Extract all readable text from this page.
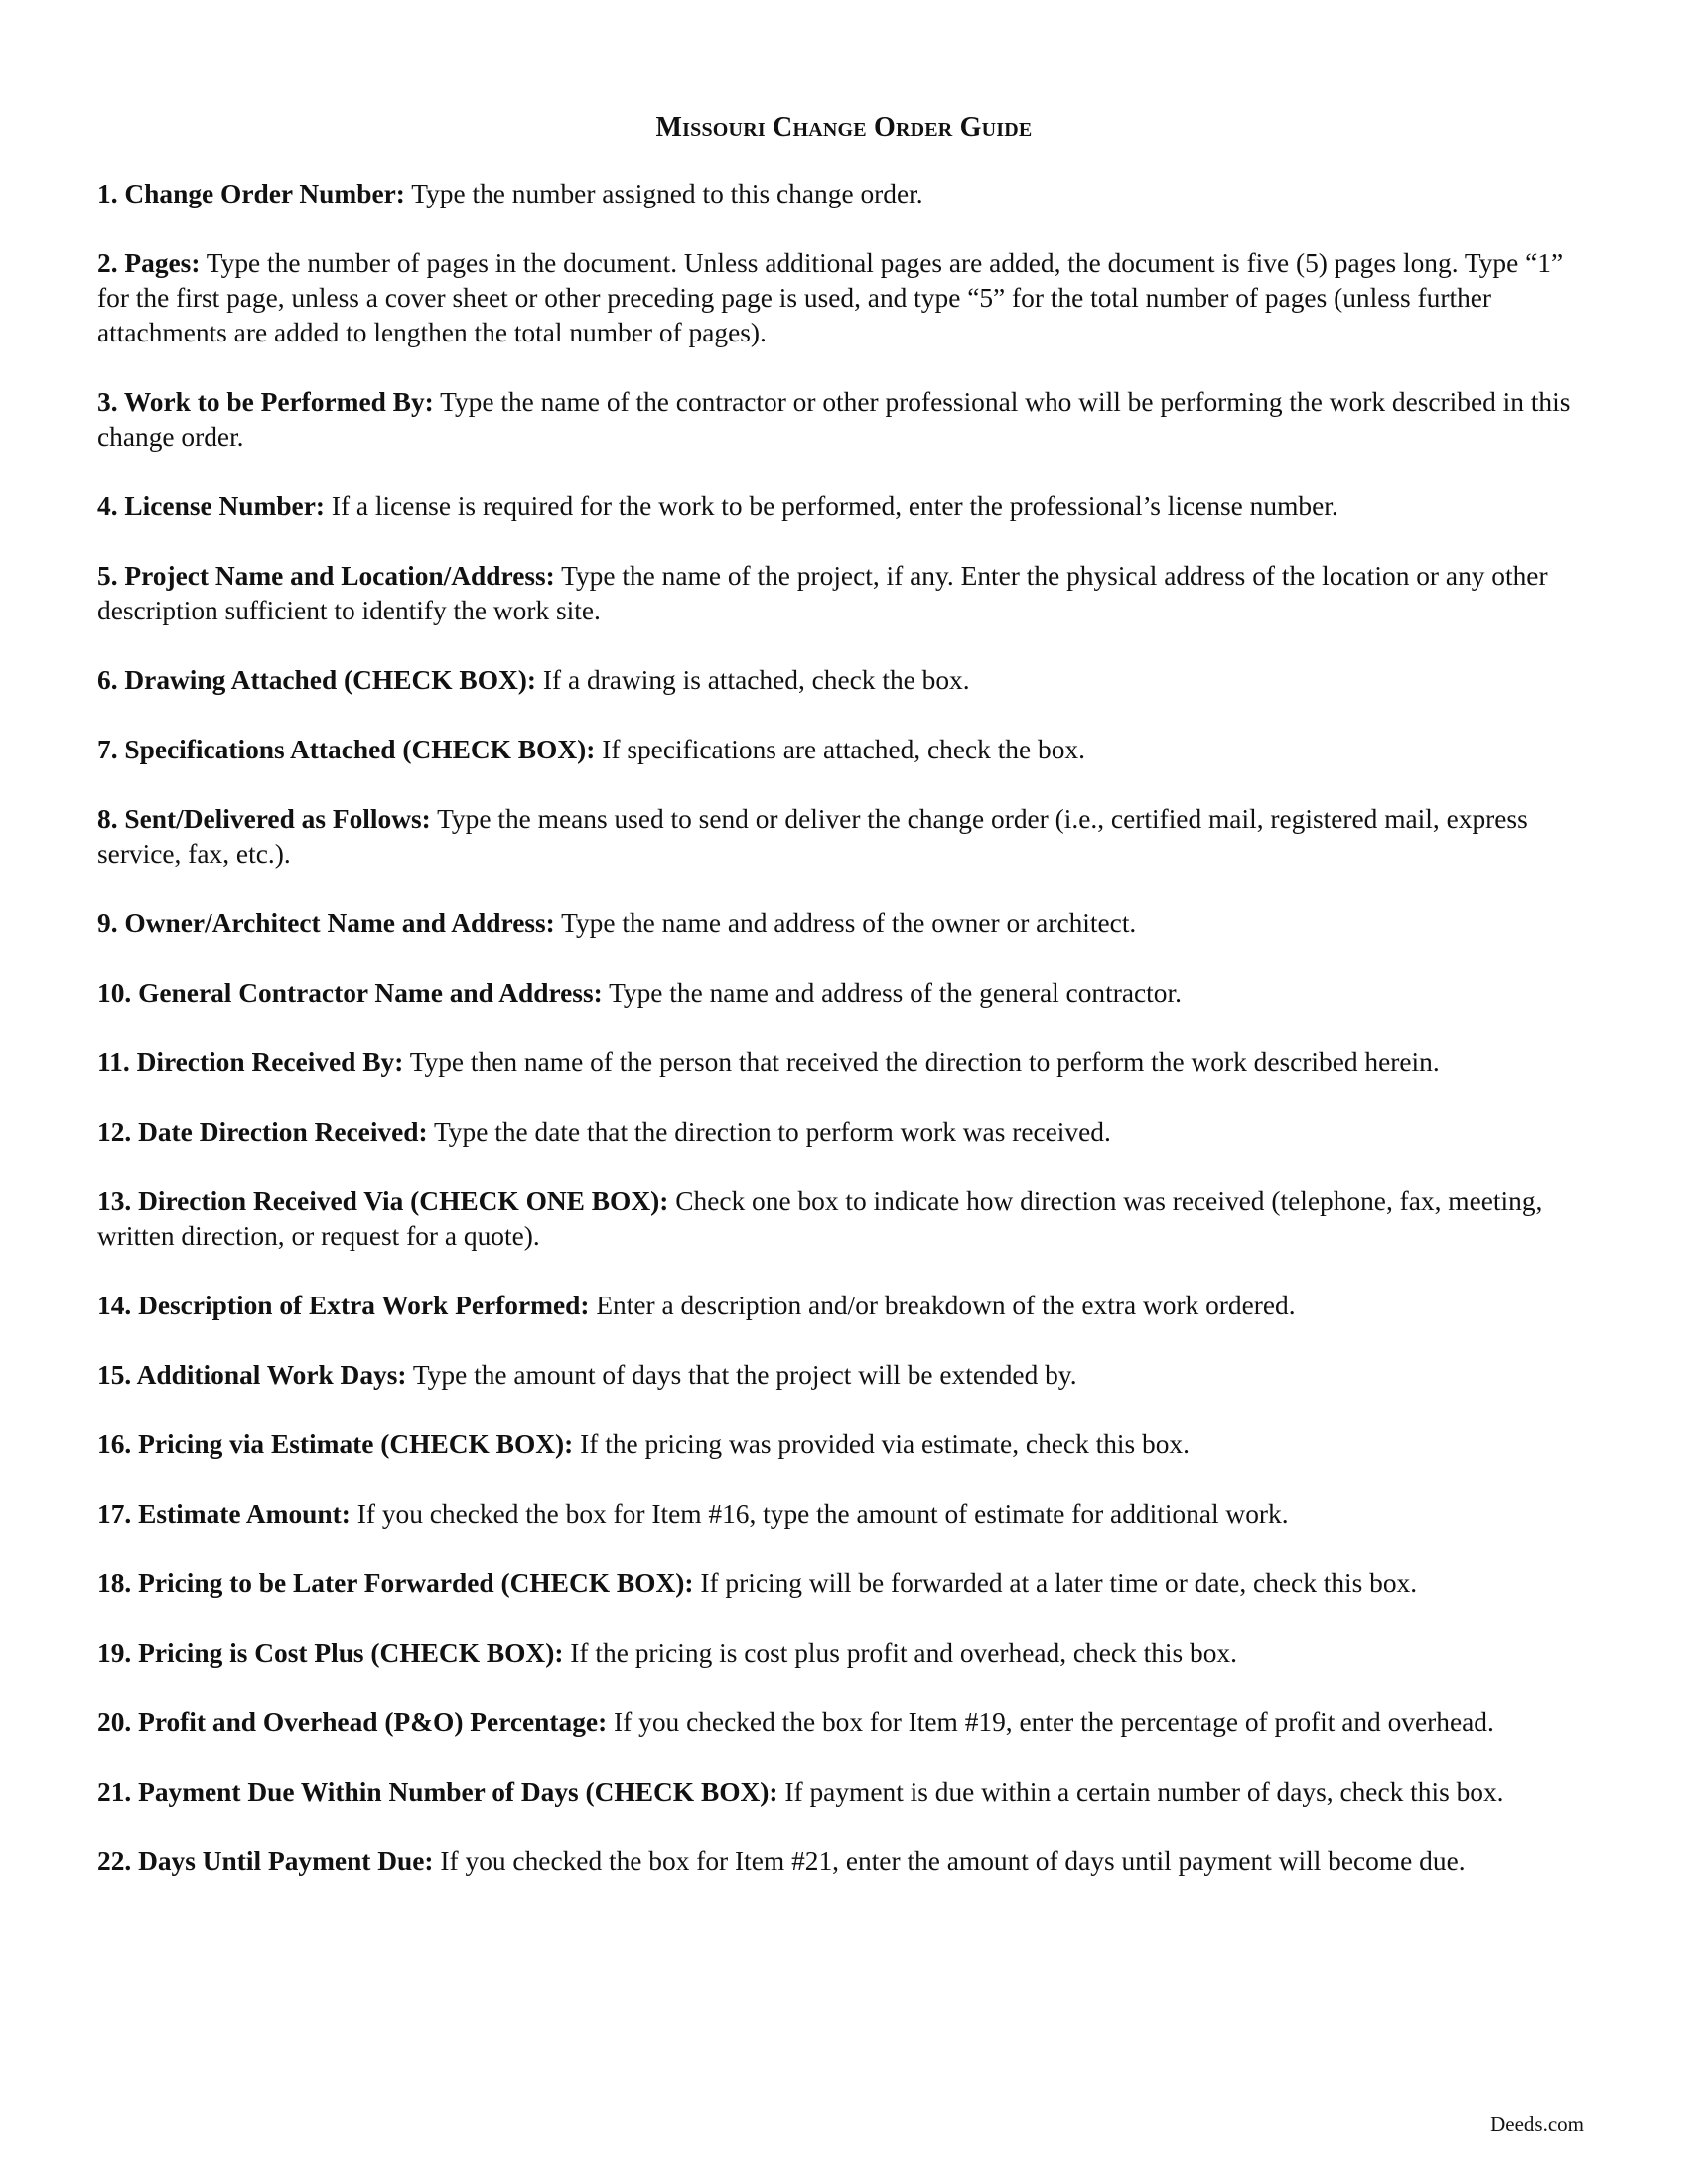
Missouri Change Order Guide
1. Change Order Number: Type the number assigned to this change order.
2. Pages: Type the number of pages in the document. Unless additional pages are added, the document is five (5) pages long. Type “1” for the first page, unless a cover sheet or other preceding page is used, and type “5” for the total number of pages (unless further attachments are added to lengthen the total number of pages).
3. Work to be Performed By: Type the name of the contractor or other professional who will be performing the work described in this change order.
4. License Number: If a license is required for the work to be performed, enter the professional’s license number.
5. Project Name and Location/Address: Type the name of the project, if any. Enter the physical address of the location or any other description sufficient to identify the work site.
6. Drawing Attached (CHECK BOX): If a drawing is attached, check the box.
7. Specifications Attached (CHECK BOX): If specifications are attached, check the box.
8. Sent/Delivered as Follows: Type the means used to send or deliver the change order (i.e., certified mail, registered mail, express service, fax, etc.).
9. Owner/Architect Name and Address: Type the name and address of the owner or architect.
10. General Contractor Name and Address: Type the name and address of the general contractor.
11. Direction Received By: Type then name of the person that received the direction to perform the work described herein.
12. Date Direction Received: Type the date that the direction to perform work was received.
13. Direction Received Via (CHECK ONE BOX): Check one box to indicate how direction was received (telephone, fax, meeting, written direction, or request for a quote).
14. Description of Extra Work Performed: Enter a description and/or breakdown of the extra work ordered.
15. Additional Work Days: Type the amount of days that the project will be extended by.
16. Pricing via Estimate (CHECK BOX): If the pricing was provided via estimate, check this box.
17. Estimate Amount: If you checked the box for Item #16, type the amount of estimate for additional work.
18. Pricing to be Later Forwarded (CHECK BOX): If pricing will be forwarded at a later time or date, check this box.
19. Pricing is Cost Plus (CHECK BOX): If the pricing is cost plus profit and overhead, check this box.
20. Profit and Overhead (P&O) Percentage: If you checked the box for Item #19, enter the percentage of profit and overhead.
21. Payment Due Within Number of Days (CHECK BOX): If payment is due within a certain number of days, check this box.
22. Days Until Payment Due: If you checked the box for Item #21, enter the amount of days until payment will become due.
Deeds.com
